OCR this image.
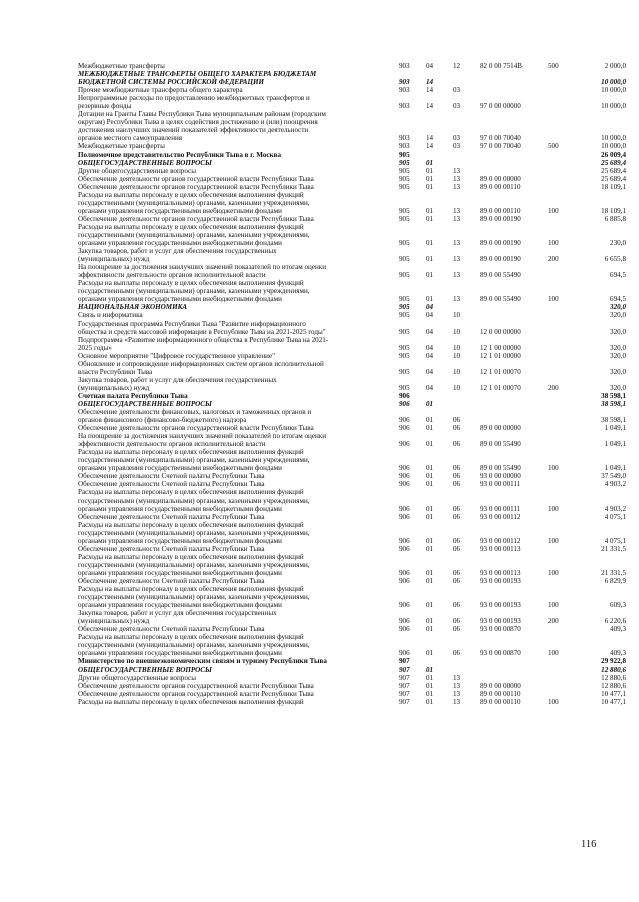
Межбюджетные трансферты	903 04	12	82 0 00 7514В	500	2 000,0
МЕЖБЮДЖЕТНЫЕ ТРАНСФЕРТЫ ОБЩЕГО ХАРАКТЕРА БЮДЖЕТАМ
БЮДЖЕТНОЙ СИСТЕМЫ РОССИЙСКОЙ ФЕДЕРАЦИИ	903 14	10 000,0
Прочие межбюджетные трансферты общего характера	903 14	03	10 000,0
Непрограммные расходы по предоставлению межбюджетных трансфертов и
резервные фонды	903 14	03	97 0 00 00000	10 000,0
Дотации на Гранты Главы Республики Тыва муниципальным районам (городским
округам) Республики Тыва в целях содействия достижению и (или) поощрения
достижения наилучших значений показателей эффективности деятельности
органов местного самоуправления	903 14	03	97 0 00 70040	10 000,0
Межбюджетные трансферты	903 14	03	97 0 00 70040	500	10 000,0
Полномочное представительство Республики Тыва в г. Москва	905	26 009,4
ОБЩЕГОСУДАРСТВЕННЫЕ ВОПРОСЫ	905 01	25 689,4
Другие общегосударственные вопросы	905 01	13	25 689,4
Обеспечение деятельности органов государственной власти Республики Тыва	905 01	13	89 0 00 00000	25 689,4
Обеспечение деятельности органов государственной власти Республики Тыва	905 01	13	89 0 00 00110	18 109,1
Расходы на выплаты персоналу в целях обеспечения выполнения функций
государственными (муниципальными) органами, казенными учреждениями,
органами управления государственными внебюджетными фондами	905 01	13	89 0 00 00110	100	18 109,1
Обеспечение деятельности органов государственной власти Республики Тыва	905 01	13	89 0 00 00190	6 885,8
Расходы на выплаты персоналу в целях обеспечения выполнения функций
государственными (муниципальными) органами, казенными учреждениями,
органами управления государственными внебюджетными фондами	905 01	13	89 0 00 00190	100	230,0
Закупка товаров, работ и услуг для обеспечения государственных
(муниципальных) нужд	905 01	13	89 0 00 00190	200	6 655,8
На поощрение за достижения наилучших значений показателей по итогам оценки
эффективности деятельности органов исполнительной власти	905 01	13	89 0 00 55490	694,5
Расходы на выплаты персоналу в целях обеспечения выполнения функций
государственными (муниципальными) органами, казенными учреждениями,
органами управления государственными внебюджетными фондами	905 01	13	89 0 00 55490	100	694,5
НАЦИОНАЛЬНАЯ ЭКОНОМИКА	905 04	320,0
Связь и информатика	905 04	10	320,0
Государственная программа Республики Тыва "Развитие информационного
общества и средств массовой информации в Республике Тыва на 2021-2025 годы"	905 04	10	12 0 00 00000	320,0
Подпрограмма «Развитие информационного общества в Республике Тыва на 2021-
2025 годы»	905 04	10	12 1 00 00000	320,0
Основное мероприятие "Цифровое государственное управление"	905 04	10	12 1 01 00000	320,0
Обновление и сопровождение информационных систем органов исполнительной
власти Республики Тыва	905 04	10	12 1 01 00070	320,0
Закупка товаров, работ и услуг для обеспечения государственных
(муниципальных) нужд	905 04	10	12 1 01 00070	200	320,0
Счетная палата Республики Тыва	906	38 598,1
ОБЩЕГОСУДАРСТВЕННЫЕ ВОПРОСЫ	906 01	38 598,1
Обеспечение деятельности финансовых, налоговых и таможенных органов и
органов финансового (финансово-бюджетного) надзора	906 01	06	38 598,1
Обеспечение деятельности органов государственной власти Республики Тыва	906 01	06	89 0 00 00000	1 049,1
На поощрение за достижения наилучших значений показателей по итогам оценки
эффективности деятельности органов исполнительной власти	906 01	06	89 0 00 55490	1 049,1
Расходы на выплаты персоналу в целях обеспечения выполнения функций
государственными (муниципальными) органами, казенными учреждениями,
органами управления государственными внебюджетными фондами	906 01	06	89 0 00 55490	100	1 049,1
Обеспечение деятельности Счетной палаты Республики Тыва	906 01	06	93 0 00 00000	37 549,0
Обеспечение деятельности Счетной палаты Республики Тыва	906 01	06	93 0 00 00111	4 903,2
Расходы на выплаты персоналу в целях обеспечения выполнения функций
государственными (муниципальными) органами, казенными учреждениями,
органами управления государственными внебюджетными фондами	906 01	06	93 0 00 00111	100	4 903,2
Обеспечение деятельности Счетной палаты Республики Тыва	906 01	06	93 0 00 00112	4 075,1
Расходы на выплаты персоналу в целях обеспечения выполнения функций
государственными (муниципальными) органами, казенными учреждениями,
органами управления государственными внебюджетными фондами	906 01	06	93 0 00 00112	100	4 075,1
Обеспечение деятельности Счетной палаты Республики Тыва	906 01	06	93 0 00 00113	21 331,5
Расходы на выплаты персоналу в целях обеспечения выполнения функций
государственными (муниципальными) органами, казенными учреждениями,
органами управления государственными внебюджетными фондами	906 01	06	93 0 00 00113	100	21 331,5
Обеспечение деятельности Счетной палаты Республики Тыва	906 01	06	93 0 00 00193	6 829,9
Расходы на выплаты персоналу в целях обеспечения выполнения функций
государственными (муниципальными) органами, казенными учреждениями,
органами управления государственными внебюджетными фондами	906 01	06	93 0 00 00193	100	609,3
Закупка товаров, работ и услуг для обеспечения государственных
(муниципальных) нужд	906 01	06	93 0 00 00193	200	6 220,6
Обеспечение деятельности Счетной палаты Республики Тыва	906 01	06	93 0 00 00870	409,3
Расходы на выплаты персоналу в целях обеспечения выполнения функций
государственными (муниципальными) органами, казенными учреждениями,
органами управления государственными внебюджетными фондами	906 01	06	93 0 00 00870	100	409,3
Министерство по внешнеэкономическим связям и туризму Республики Тыва	907	29 922,8
ОБЩЕГОСУДАРСТВЕННЫЕ ВОПРОСЫ	907 01	12 880,6
Другие общегосударственные вопросы	907 01	13	12 880,6
Обеспечение деятельности органов государственной власти Республики Тыва	907 01	13	89 0 00 00000	12 880,6
Обеспечение деятельности органов государственной власти Республики Тыва	907 01	13	89 0 00 00110	10 477,1
Расходы на выплаты персоналу в целях обеспечения выполнения функций	907 01	13	89 0 00 00110	100	10 477,1
116
